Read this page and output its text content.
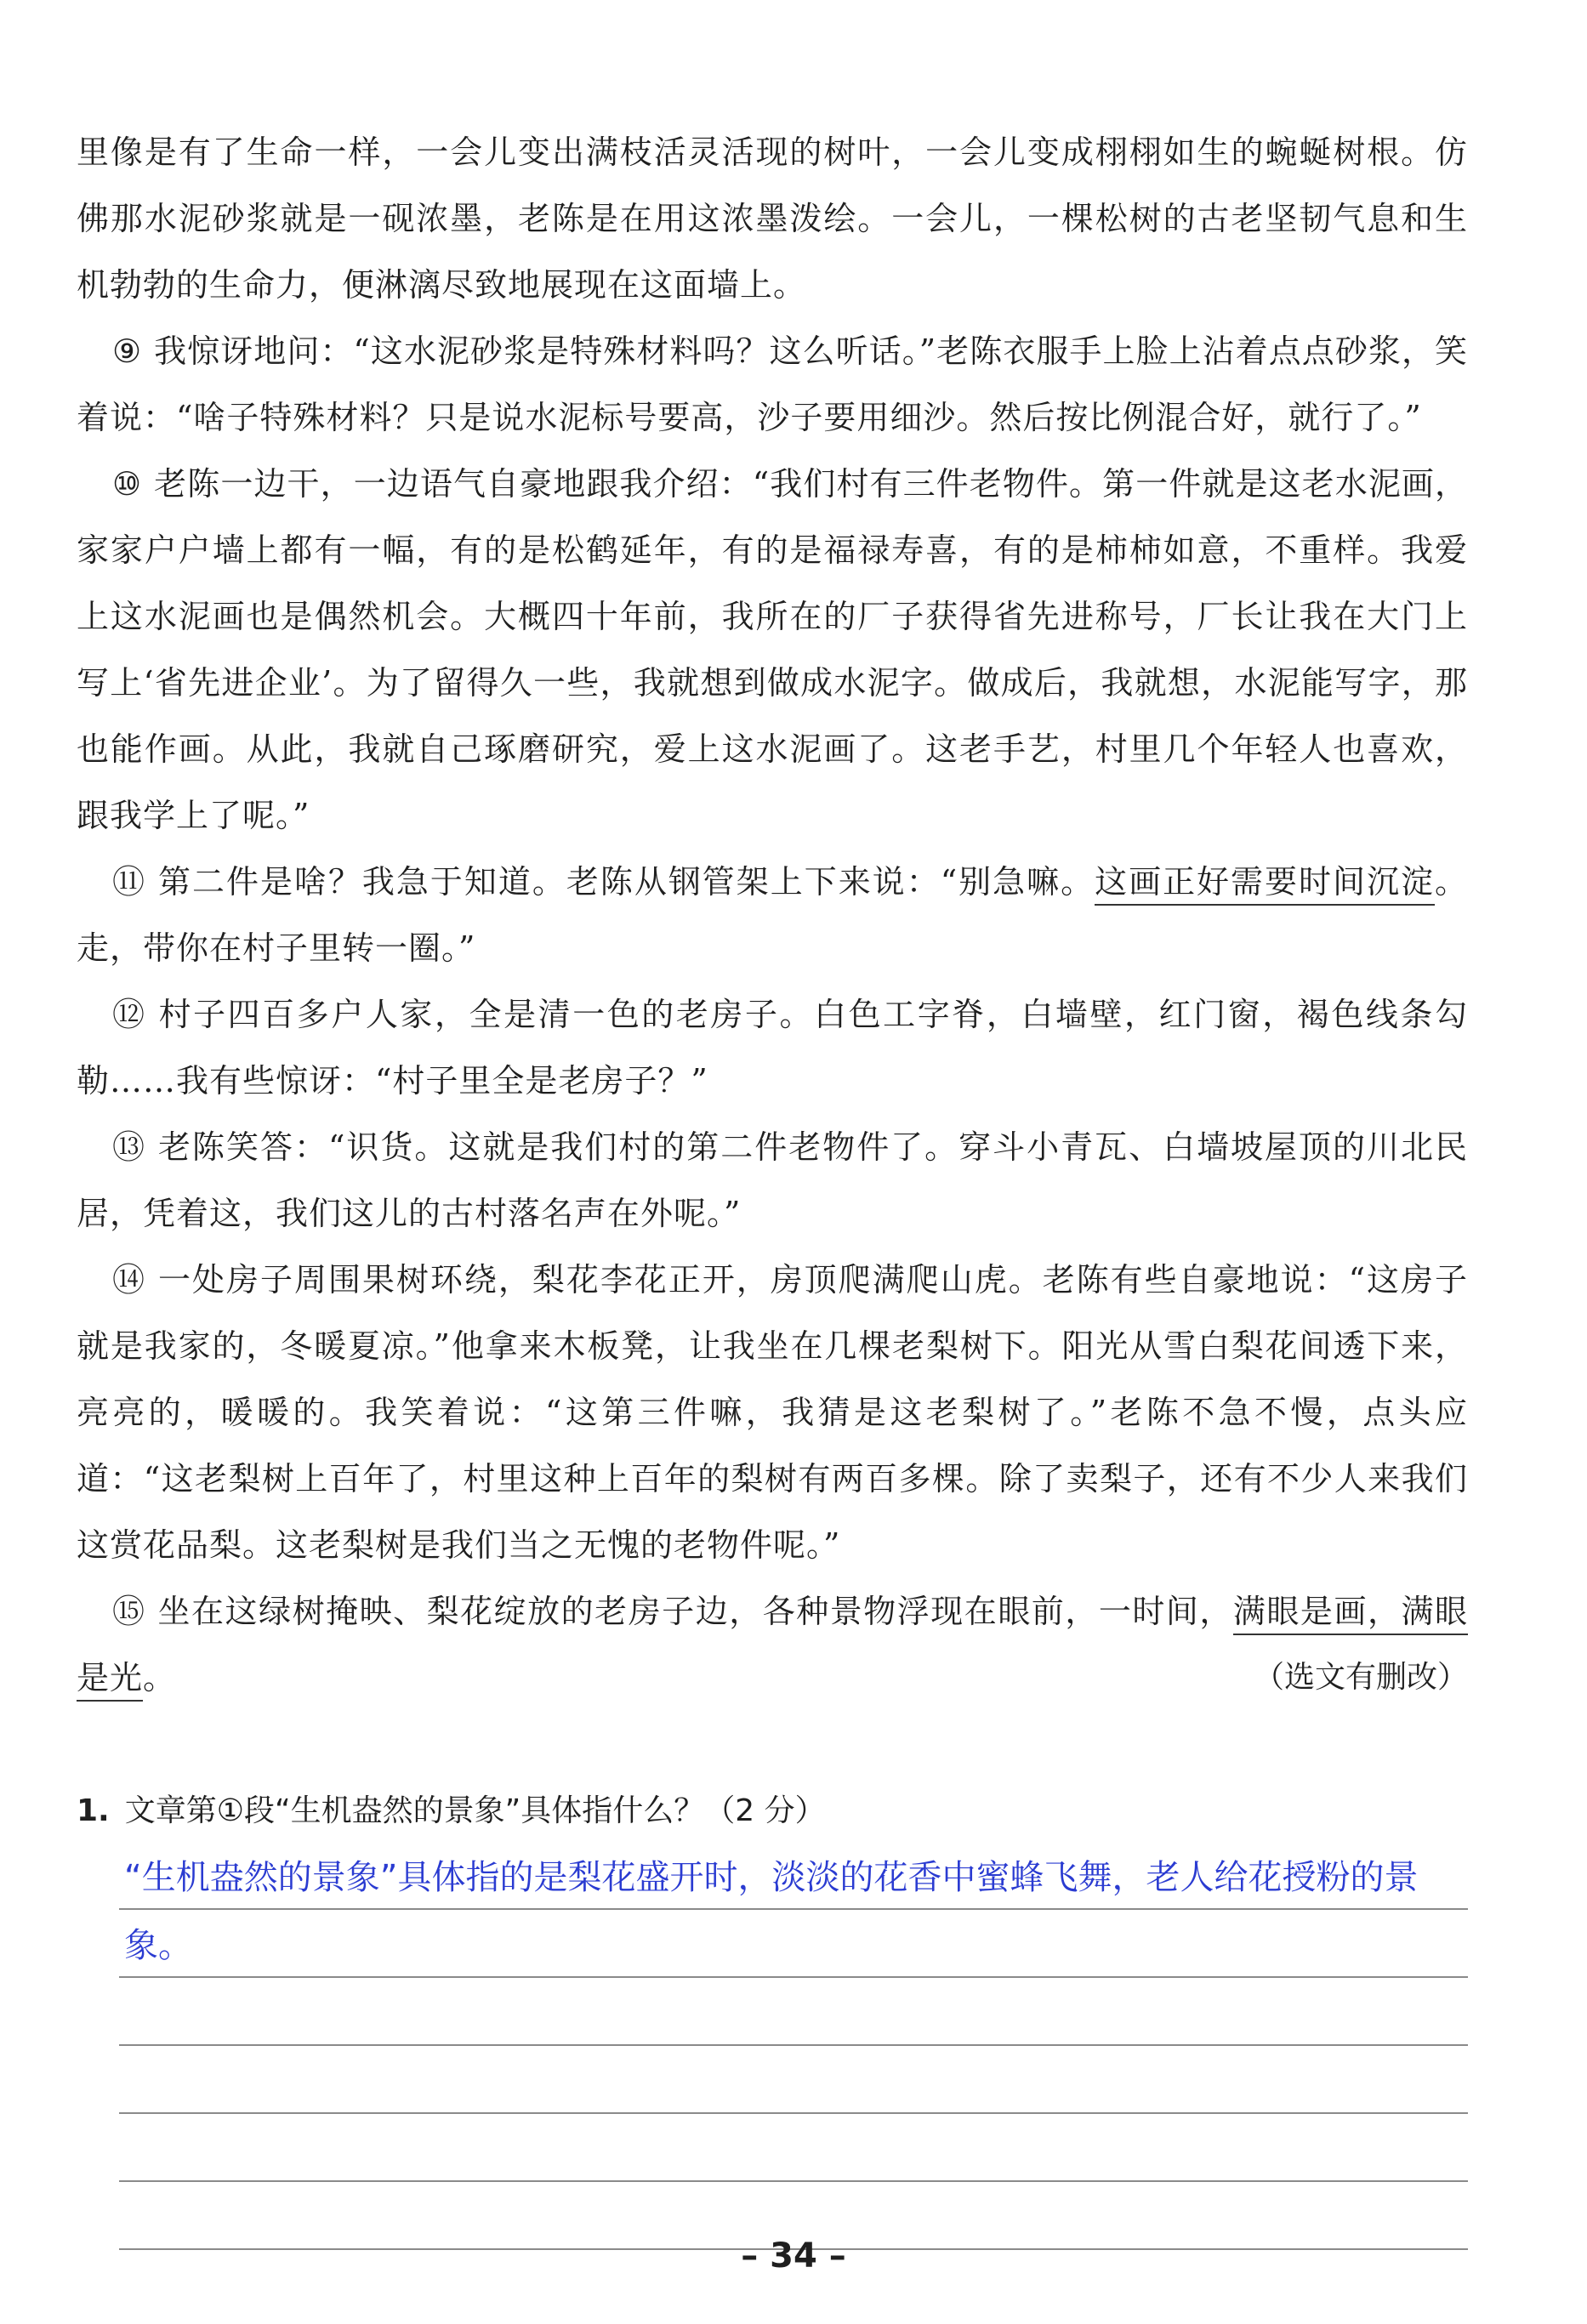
里像是有了生命一样，一会儿变出满枝活灵活现的树叶，一会儿变成栩栩如生的蜿蜒树根。仿佛那水泥砂浆就是一砚浓墨，老陈是在用这浓墨泼绘。一会儿，一棵松树的古老坚韧气息和生机勃勃的生命力，便淋漓尽致地展现在这面墙上。

⑨ 我惊讶地问：“这水泥砂浆是特殊材料吗？这么听话。”老陈衣服手上脸上沾着点点砂浆，笑着说：“啥子特殊材料？只是说水泥标号要高，沙子要用细沙。然后按比例混合好，就行了。”

⑩ 老陈一边干，一边语气自豪地跟我介绍：“我们村有三件老物件。第一件就是这老水泥画，家家户户墙上都有一幅，有的是松鹤延年，有的是福禄寿喜，有的是柿柿如意，不重样。我爱上这水泥画也是偶然机会。大概四十年前，我所在的厂子获得省先进称号，厂长让我在大门上写上‘省先进企业’。为了留得久一些，我就想到做成水泥字。做成后，我就想，水泥能写字，那也能作画。从此，我就自己琢磨研究，爱上这水泥画了。这老手艺，村里几个年轻人也喜欢，跟我学上了呢。”

⑪ 第二件是啥？我急于知道。老陈从钢管架上下来说：“别急嘛。这画正好需要时间沉淀。走，带你在村子里转一圈。”

⑫ 村子四百多户人家，全是清一色的老房子。白色工字脊，白墙壁，红门窗，褐色线条勾勒……我有些惊讶：“村子里全是老房子？”

⑬ 老陈笑答：“识货。这就是我们村的第二件老物件了。穿斗小青瓦、白墙坡屋顶的川北民居，凭着这，我们这儿的古村落名声在外呢。”

⑭ 一处房子周围果树环绕，梨花李花正开，房顶爬满爬山虎。老陈有些自豪地说：“这房子就是我家的，冬暖夏凉。”他拿来木板凳，让我坐在几棵老梨树下。阳光从雪白梨花间透下来，亮亮的，暖暖的。我笑着说：“这第三件嘛，我猜是这老梨树了。”老陈不急不慢，点头应道：“这老梨树上百年了，村里这种上百年的梨树有两百多棵。除了卖梨子，还有不少人来我们这赏花品梨。这老梨树是我们当之无愧的老物件呢。”

⑮ 坐在这绿树掩映、梨花绽放的老房子边，各种景物浮现在眼前，一时间，满眼是画，满眼是光。	（选文有删改）
1. 文章第①段“生机盎然的景象”具体指什么？（2 分）

“生机盎然的景象”具体指的是梨花盛开时，淡淡的花香中蜜蜂飞舞，老人给花授粉的景象。

– 34 –
